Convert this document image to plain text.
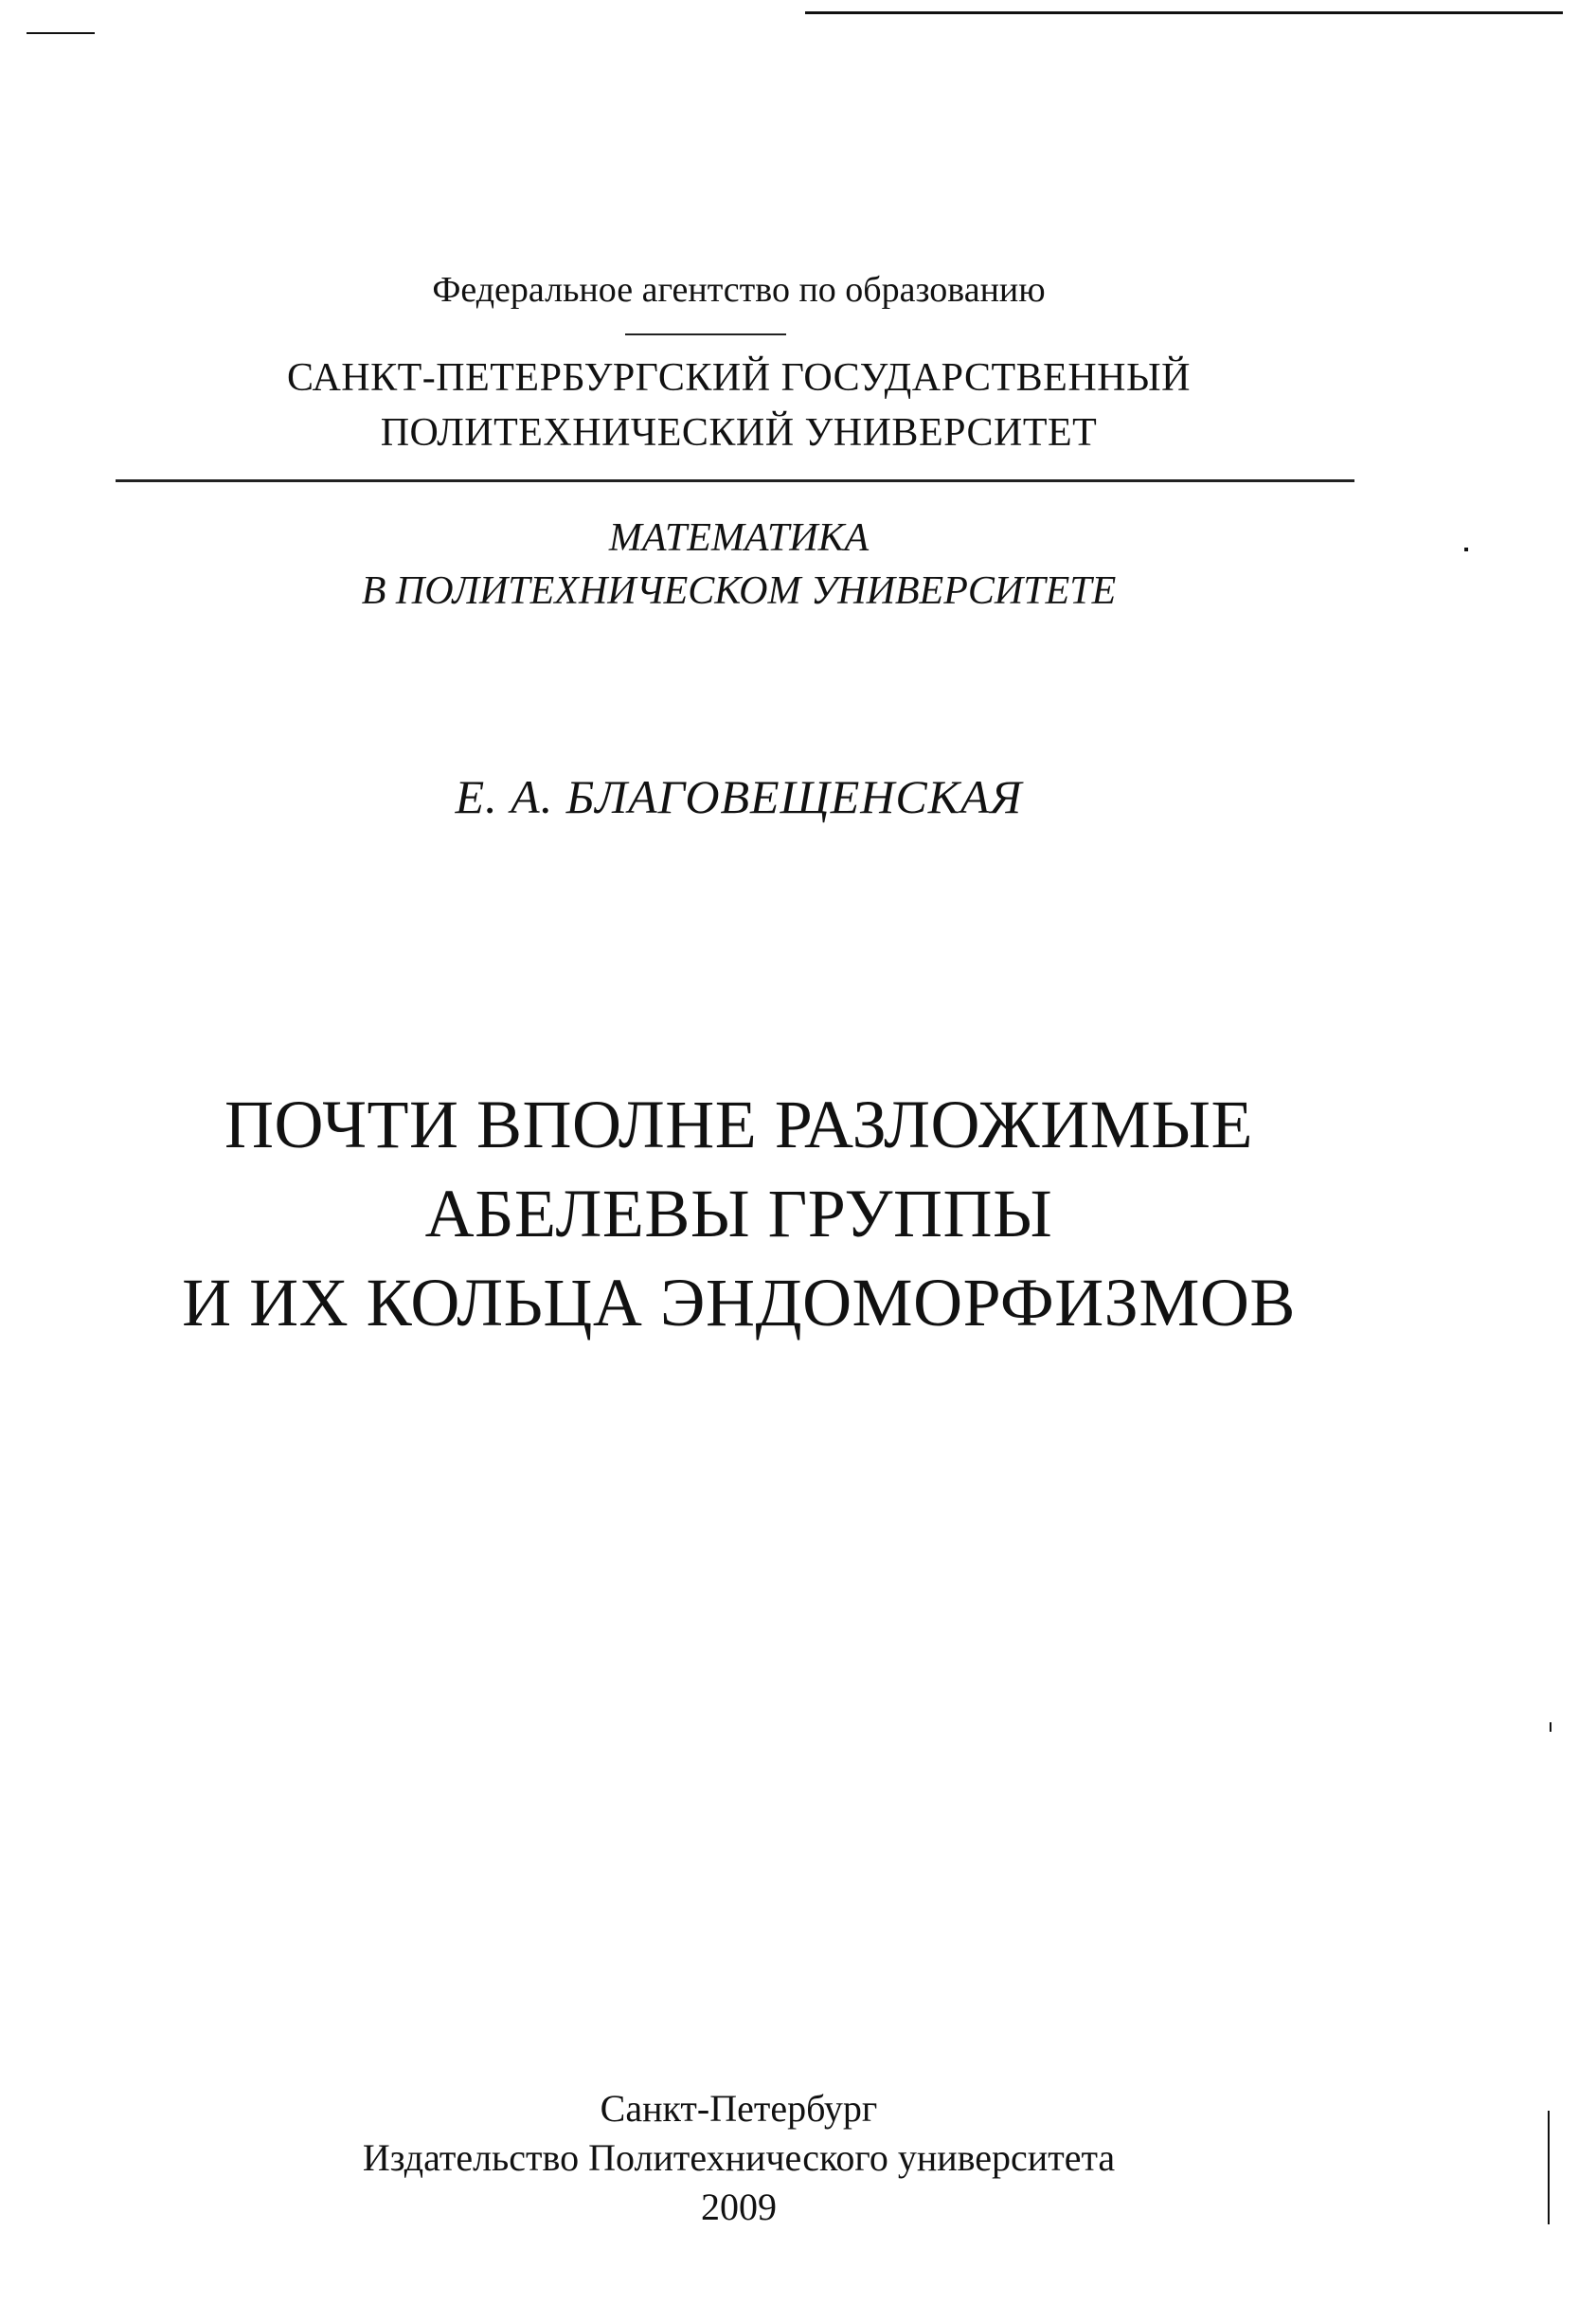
Федеральное агентство по образованию
САНКТ-ПЕТЕРБУРГСКИЙ ГОСУДАРСТВЕННЫЙ
ПОЛИТЕХНИЧЕСКИЙ УНИВЕРСИТЕТ
МАТЕМАТИКА
В ПОЛИТЕХНИЧЕСКОМ УНИВЕРСИТЕТЕ
Е. А. БЛАГОВЕЩЕНСКАЯ
ПОЧТИ ВПОЛНЕ РАЗЛОЖИМЫЕ
АБЕЛЕВЫ ГРУППЫ
И ИХ КОЛЬЦА ЭНДОМОРФИЗМОВ
Санкт-Петербург
Издательство Политехнического университета
2009
